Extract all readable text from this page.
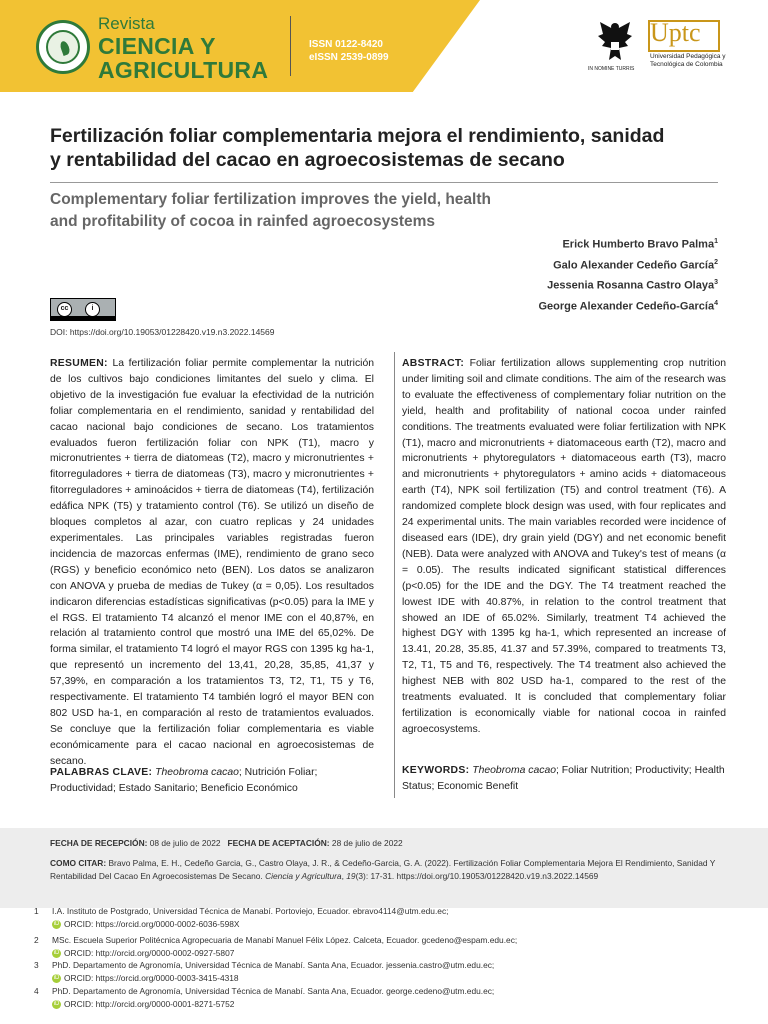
Revista
CIENCIA Y
AGRICULTURA
ISSN 0122-8420
eISSN 2539-0899
IN NOMINE TURRIS
Uptc
Universidad Pedagógica y
Tecnológica de Colombia
Fertilización foliar complementaria mejora el rendimiento, sanidad
y rentabilidad del cacao en agroecosistemas de secano
Complementary foliar fertilization improves the yield, health
and profitability of cocoa in rainfed agroecosystems
Erick Humberto Bravo Palma$^1$
Galo Alexander Cedeño García$^2$
Jessenia Rosanna Castro Olaya$^3$
George Alexander Cedeño-García$^4$
cc	i
DOI: https://doi.org/10.19053/01228420.v19.n3.2022.14569
RESUMEN: La fertilización foliar permite complementar la nutrición de los cultivos bajo condiciones limitantes del suelo y clima. El objetivo de la investigación fue evaluar la efectividad de la nutrición foliar complementaria en el rendimiento, sanidad y rentabilidad del cacao nacional bajo condiciones de secano. Los tratamientos evaluados fueron fertilización foliar con NPK (T1), macro y micronutrientes + tierra de diatomeas (T2), macro y micronutrientes + fitorreguladores + tierra de diatomeas (T3), macro y micronutrientes + fitorreguladores + aminoácidos + tierra de diatomeas (T4), fertilización edáfica NPK (T5) y tratamiento control (T6). Se utilizó un diseño de bloques completos al azar, con cuatro replicas y 24 unidades experimentales. Las principales variables registradas fueron incidencia de mazorcas enfermas (IME), rendimiento de grano seco (RGS) y beneficio económico neto (BEN). Los datos se analizaron con ANOVA y prueba de medias de Tukey (α = 0,05). Los resultados indicaron diferencias estadísticas significativas (p<0.05) para la IME y el RGS. El tratamiento T4 alcanzó el menor IME con el 40,87%, en relación al tratamiento control que mostró una IME del 65,02%. De forma similar, el tratamiento T4 logró el mayor RGS con 1395 kg ha-1, que representó un incremento del 13,41, 20,28, 35,85, 41,37 y 57,39%, en comparación a los tratamientos T3, T2, T1, T5 y T6, respectivamente. El tratamiento T4 también logró el mayor BEN con 802 USD ha-1, en comparación al resto de tratamientos evaluados. Se concluye que la fertilización foliar complementaria es viable económicamente para el cacao nacional en agroecosistemas de secano.
ABSTRACT: Foliar fertilization allows supplementing crop nutrition under limiting soil and climate conditions. The aim of the research was to evaluate the effectiveness of complementary foliar nutrition on the yield, health and profitability of national cocoa under rainfed conditions. The treatments evaluated were foliar fertilization with NPK (T1), macro and micronutrients + diatomaceous earth (T2), macro and micronutrients + phytoregulators + diatomaceous earth (T3), macro and micronutrients + phytoregulators + amino acids + diatomaceous earth (T4), NPK soil fertilization (T5) and control treatment (T6). A randomized complete block design was used, with four replicates and 24 experimental units. The main variables recorded were incidence of diseased ears (IDE), dry grain yield (DGY) and net economic benefit (NEB). Data were analyzed with ANOVA and Tukey's test of means (α = 0.05). The results indicated significant statistical differences (p<0.05) for the IDE and the DGY. The T4 treatment reached the lowest IDE with 40.87%, in relation to the control treatment that showed an IDE of 65.02%. Similarly, treatment T4 achieved the highest DGY with 1395 kg ha-1, which represented an increase of 13.41, 20.28, 35.85, 41.37 and 57.39%, compared to treatments T3, T2, T1, T5 and T6, respectively. The T4 treatment also achieved the highest NEB with 802 USD ha-1, compared to the rest of the treatments evaluated. It is concluded that complementary foliar fertilization is economically viable for national cocoa in rainfed agroecosystems.
PALABRAS CLAVE: Theobroma cacao; Nutrición Foliar; Productividad; Estado Sanitario; Beneficio Económico
KEYWORDS: Theobroma cacao; Foliar Nutrition; Productivity; Health Status; Economic Benefit
FECHA DE RECEPCIÓN: 08 de julio de 2022 FECHA DE ACEPTACIÓN: 28 de julio de 2022
COMO CITAR: Bravo Palma, E. H., Cedeño Garcia, G., Castro Olaya, J. R., & Cedeño-Garcia, G. A. (2022). Fertilización Foliar Complementaria Mejora El Rendimiento, Sanidad Y Rentabilidad Del Cacao En Agroecosistemas De Secano. Ciencia y Agricultura, 19(3): 17-31. https://doi.org/10.19053/01228420.v19.n3.2022.14569
1 I.A. Instituto de Postgrado, Universidad Técnica de Manabí. Portoviejo, Ecuador. ebravo4114@utm.edu.ec;
iD ORCID: https://orcid.org/0000-0002-6036-598X
2 MSc. Escuela Superior Politécnica Agropecuaria de Manabí Manuel Félix López. Calceta, Ecuador. gcedeno@espam.edu.ec;
iD ORCID: http://orcid.org/0000-0002-0927-5807
3 PhD. Departamento de Agronomía, Universidad Técnica de Manabí. Santa Ana, Ecuador. jessenia.castro@utm.edu.ec;
iD ORCID: https://orcid.org/0000-0003-3415-4318
4 PhD. Departamento de Agronomía, Universidad Técnica de Manabí. Santa Ana, Ecuador. george.cedeno@utm.edu.ec;
iD ORCID: http://orcid.org/0000-0001-8271-5752
